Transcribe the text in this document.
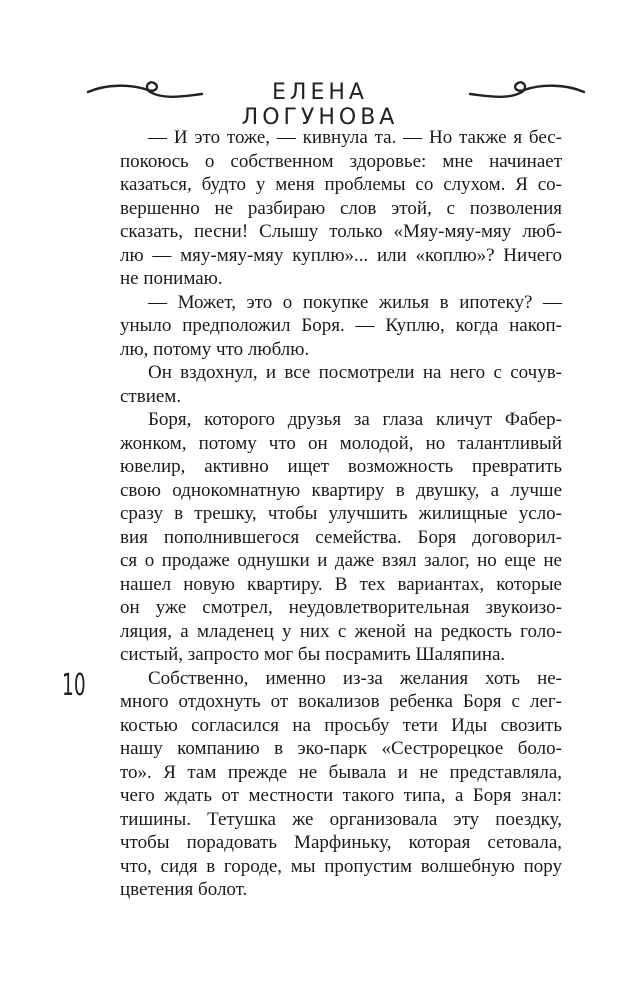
ЕЛЕНА ЛОГУНОВА
10
— И это тоже, — кивнула та. — Но также я бес-
покоюсь о собственном здоровье: мне начинает
казаться, будто у меня проблемы со слухом. Я со-
вершенно не разбираю слов этой, с позволения
сказать, песни! Слышу только «Мяу-мяу-мяу люб-
лю — мяу-мяу-мяу куплю»... или «коплю»? Ничего
не понимаю.
— Может, это о покупке жилья в ипотеку? —
уныло предположил Боря. — Куплю, когда накоп-
лю, потому что люблю.
Он вздохнул, и все посмотрели на него с сочув-
ствием.
Боря, которого друзья за глаза кличут Фабер-
жонком, потому что он молодой, но талантливый
ювелир, активно ищет возможность превратить
свою однокомнатную квартиру в двушку, а лучше
сразу в трешку, чтобы улучшить жилищные усло-
вия пополнившегося семейства. Боря договорил-
ся о продаже однушки и даже взял залог, но еще не
нашел новую квартиру. В тех вариантах, которые
он уже смотрел, неудовлетворительная звукоизо-
ляция, а младенец у них с женой на редкость голо-
систый, запросто мог бы посрамить Шаляпина.
Собственно, именно из-за желания хоть не-
много отдохнуть от вокализов ребенка Боря с лег-
костью согласился на просьбу тети Иды свозить
нашу компанию в эко-парк «Сестрорецкое боло-
то». Я там прежде не бывала и не представляла,
чего ждать от местности такого типа, а Боря знал:
тишины. Тетушка же организовала эту поездку,
чтобы порадовать Марфиньку, которая сетовала,
что, сидя в городе, мы пропустим волшебную пору
цветения болот.
